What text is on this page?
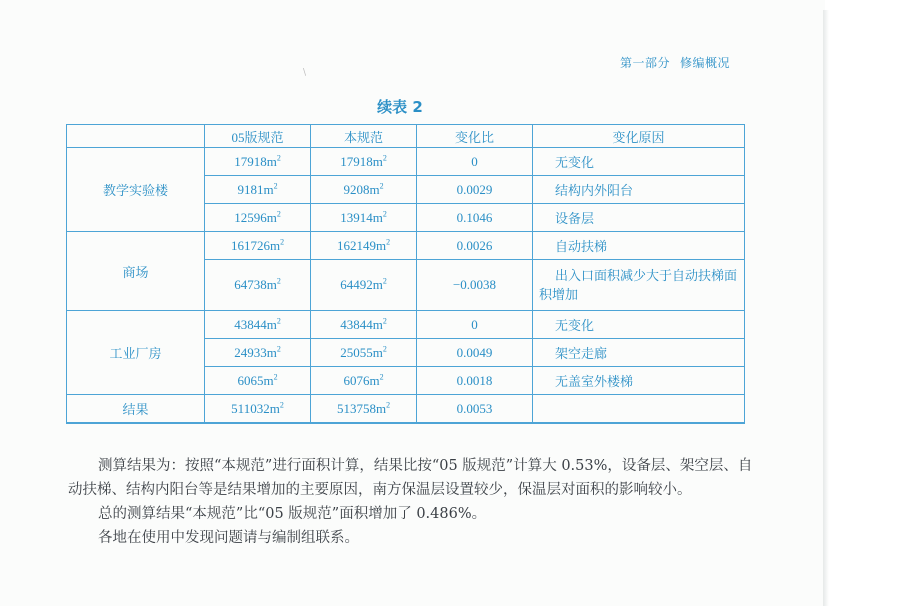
第一部分 修编概况
\
续表 2
	05版规范	本规范	变化比	变化原因
教学实验楼	$17918m^2$	$17918m^2$	0	无变化
	$9181m^2$	$9208m^2$	0.0029	结构内外阳台
	$12596m^2$	$13914m^2$	0.1046	设备层
商场	$161726m^2$	$162149m^2$	0.0026	自动扶梯
	$64738m^2$	$64492m^2$	−0.0038	出入口面积减少大于自动扶梯面积增加
工业厂房	$43844m^2$	$43844m^2$	0	无变化
	$24933m^2$	$25055m^2$	0.0049	架空走廊
	$6065m^2$	$6076m^2$	0.0018	无盖室外楼梯
结果	$511032m^2$	$513758m^2$	0.0053	

测算结果为：按照“本规范”进行面积计算，结果比按“05 版规范”计算大 0.53%，设备层、架空层、自动扶梯、结构内阳台等是结果增加的主要原因，南方保温层设置较少，保温层对面积的影响较小。

总的测算结果“本规范”比“05 版规范”面积增加了 0.486%。

各地在使用中发现问题请与编制组联系。
